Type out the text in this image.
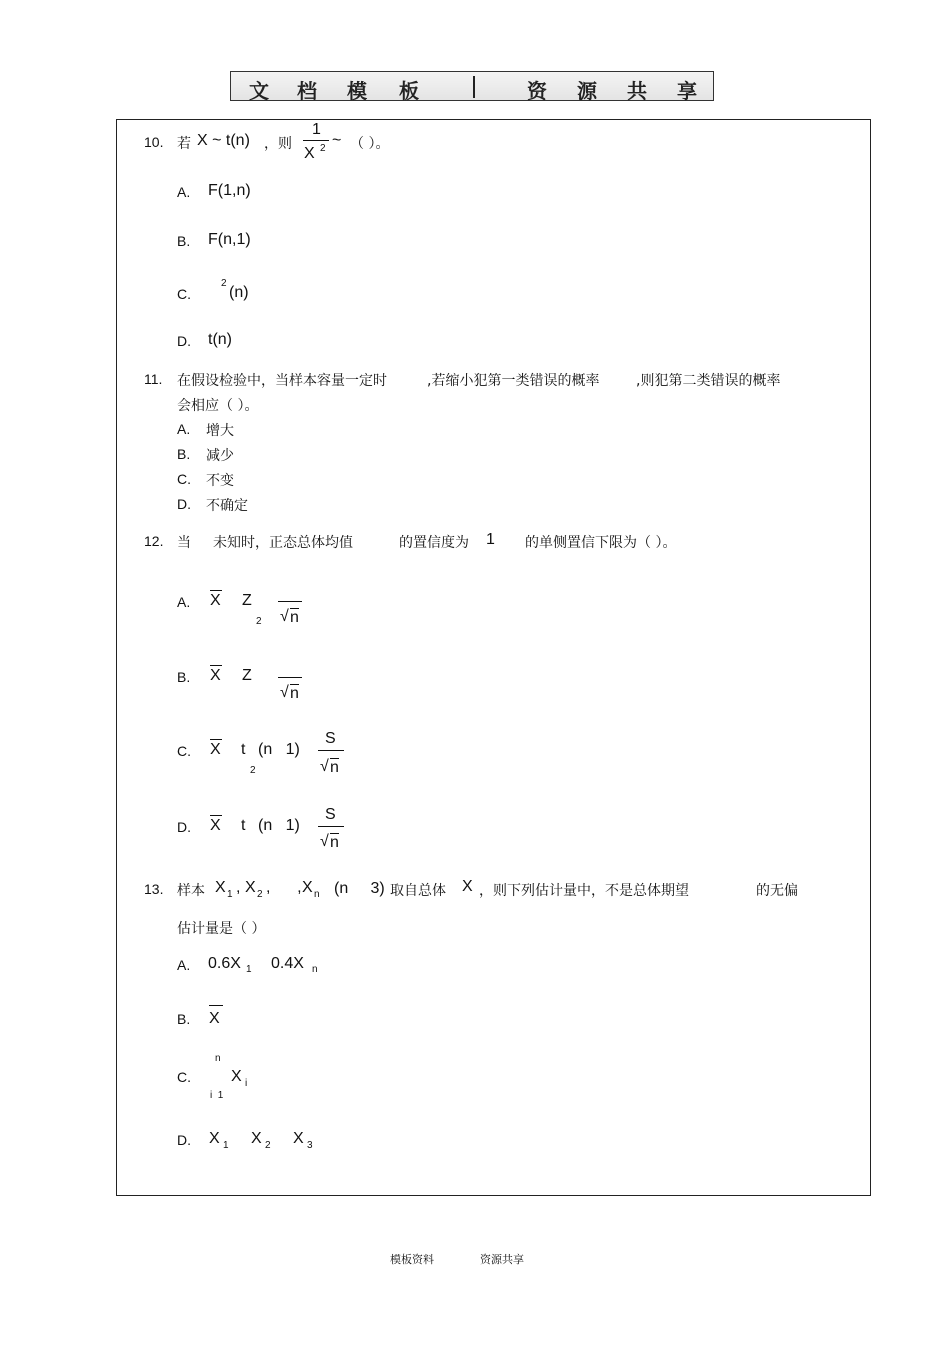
文 档 模 板	资 源 共 享
10. 若 X ~ t(n) ，则
1
X 2 ~ （ ）。
A. F(1,n)
B. F(n,1)
C.
2
(n)
D. t(n)
11. 在假设检验中，当样本容量一定时	,若缩小犯第一类错误的概率	,则犯第二类错误的概率
会相应（ ）。
A. 增大
B. 减少
C. 不变
D. 不确定
12. 当 未知时，正态总体均值	的置信度为 1 的单侧置信下限为（ ）。
A. X Z
2 √ n
B. X Z
√ n
C. X t
2
(n   1)
S
√ n
D. X t (n   1)
S
√ n
13. 样本 X 1 , X 2 ,      , X n (n     3) 取自总体 X ，则下列估计量中，不是总体期望	的无偏
估计量是（ ）
A. 0.6X 1 0.4X n
B. X
C.
n
i  1
X i
D. X 1 X 2 X 3
模板资料	资源共享
